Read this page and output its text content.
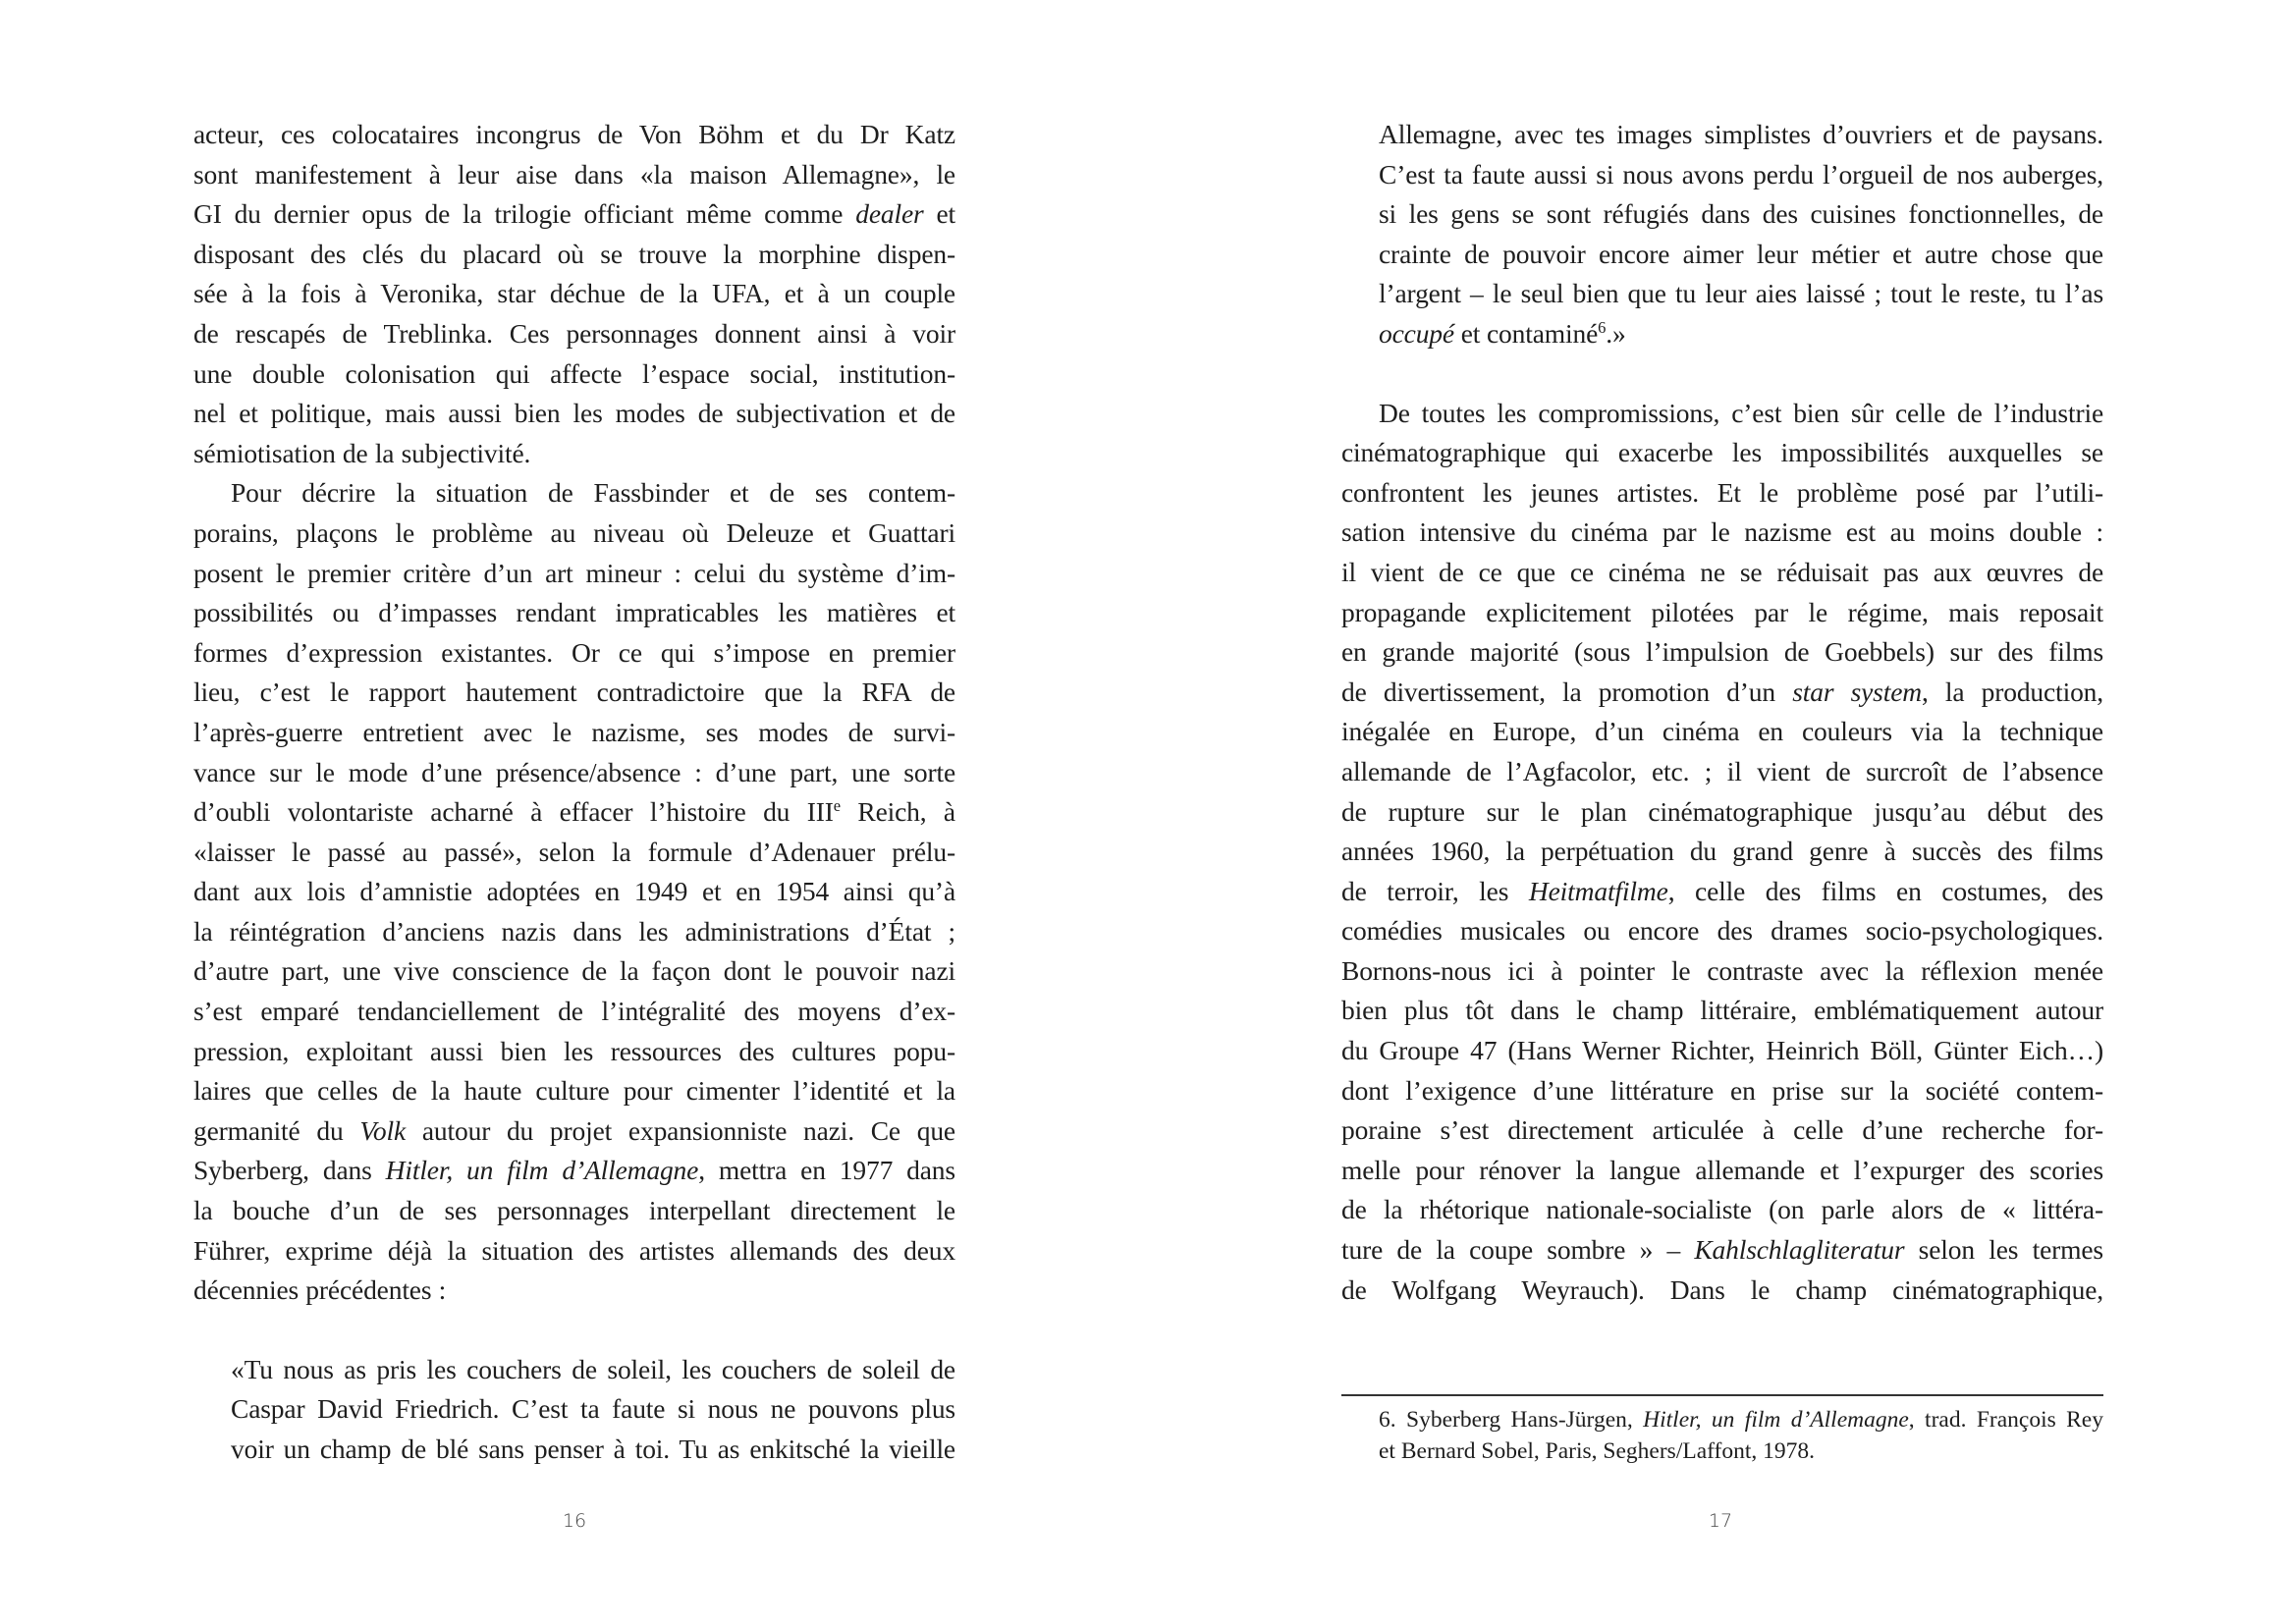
acteur, ces colocataires incongrus de Von Böhm et du Dr Katz
sont manifestement à leur aise dans «la maison Allemagne», le
GI du dernier opus de la trilogie officiant même comme dealer et
disposant des clés du placard où se trouve la morphine dispen-
sée à la fois à Veronika, star déchue de la UFA, et à un couple
de rescapés de Treblinka. Ces personnages donnent ainsi à voir
une double colonisation qui affecte l’espace social, institution-
nel et politique, mais aussi bien les modes de subjectivation et de
sémiotisation de la subjectivité.

Pour décrire la situation de Fassbinder et de ses contem-
porains, plaçons le problème au niveau où Deleuze et Guattari
posent le premier critère d’un art mineur : celui du système d’im-
possibilités ou d’impasses rendant impraticables les matières et
formes d’expression existantes. Or ce qui s’impose en premier
lieu, c’est le rapport hautement contradictoire que la RFA de
l’après-guerre entretient avec le nazisme, ses modes de survi-
vance sur le mode d’une présence/absence : d’une part, une sorte
d’oubli volontariste acharné à effacer l’histoire du IIIe Reich, à
«laisser le passé au passé», selon la formule d’Adenauer prélu-
dant aux lois d’amnistie adoptées en 1949 et en 1954 ainsi qu’à
la réintégration d’anciens nazis dans les administrations d’État ;
d’autre part, une vive conscience de la façon dont le pouvoir nazi
s’est emparé tendanciellement de l’intégralité des moyens d’ex-
pression, exploitant aussi bien les ressources des cultures popu-
laires que celles de la haute culture pour cimenter l’identité et la
germanité du Volk autour du projet expansionniste nazi. Ce que
Syberberg, dans Hitler, un film d’Allemagne, mettra en 1977 dans
la bouche d’un de ses personnages interpellant directement le
Führer, exprime déjà la situation des artistes allemands des deux
décennies précédentes :

«Tu nous as pris les couchers de soleil, les couchers de soleil de
Caspar David Friedrich. C’est ta faute si nous ne pouvons plus
voir un champ de blé sans penser à toi. Tu as enkitsché la vieille
16
Allemagne, avec tes images simplistes d’ouvriers et de paysans.
C’est ta faute aussi si nous avons perdu l’orgueil de nos auberges,
si les gens se sont réfugiés dans des cuisines fonctionnelles, de
crainte de pouvoir encore aimer leur métier et autre chose que
l’argent – le seul bien que tu leur aies laissé ; tout le reste, tu l’as
occupé et contaminé$^6$.»

De toutes les compromissions, c’est bien sûr celle de l’industrie
cinématographique qui exacerbe les impossibilités auxquelles se
confrontent les jeunes artistes. Et le problème posé par l’utili-
sation intensive du cinéma par le nazisme est au moins double :
il vient de ce que ce cinéma ne se réduisait pas aux œuvres de
propagande explicitement pilotées par le régime, mais reposait
en grande majorité (sous l’impulsion de Goebbels) sur des films
de divertissement, la promotion d’un star system, la production,
inégalée en Europe, d’un cinéma en couleurs via la technique
allemande de l’Agfacolor, etc. ; il vient de surcroît de l’absence
de rupture sur le plan cinématographique jusqu’au début des
années 1960, la perpétuation du grand genre à succès des films
de terroir, les Heitmatfilme, celle des films en costumes, des
comédies musicales ou encore des drames socio-psychologiques.
Bornons-nous ici à pointer le contraste avec la réflexion menée
bien plus tôt dans le champ littéraire, emblématiquement autour
du Groupe 47 (Hans Werner Richter, Heinrich Böll, Günter Eich…)
dont l’exigence d’une littérature en prise sur la société contem-
poraine s’est directement articulée à celle d’une recherche for-
melle pour rénover la langue allemande et l’expurger des scories
de la rhétorique nationale-socialiste (on parle alors de « littéra-
ture de la coupe sombre » – Kahlschlagliteratur selon les termes
de Wolfgang Weyrauch). Dans le champ cinématographique,

6. Syberberg Hans-Jürgen, Hitler, un film d’Allemagne, trad. François Rey
et Bernard Sobel, Paris, Seghers/Laffont, 1978.
17
